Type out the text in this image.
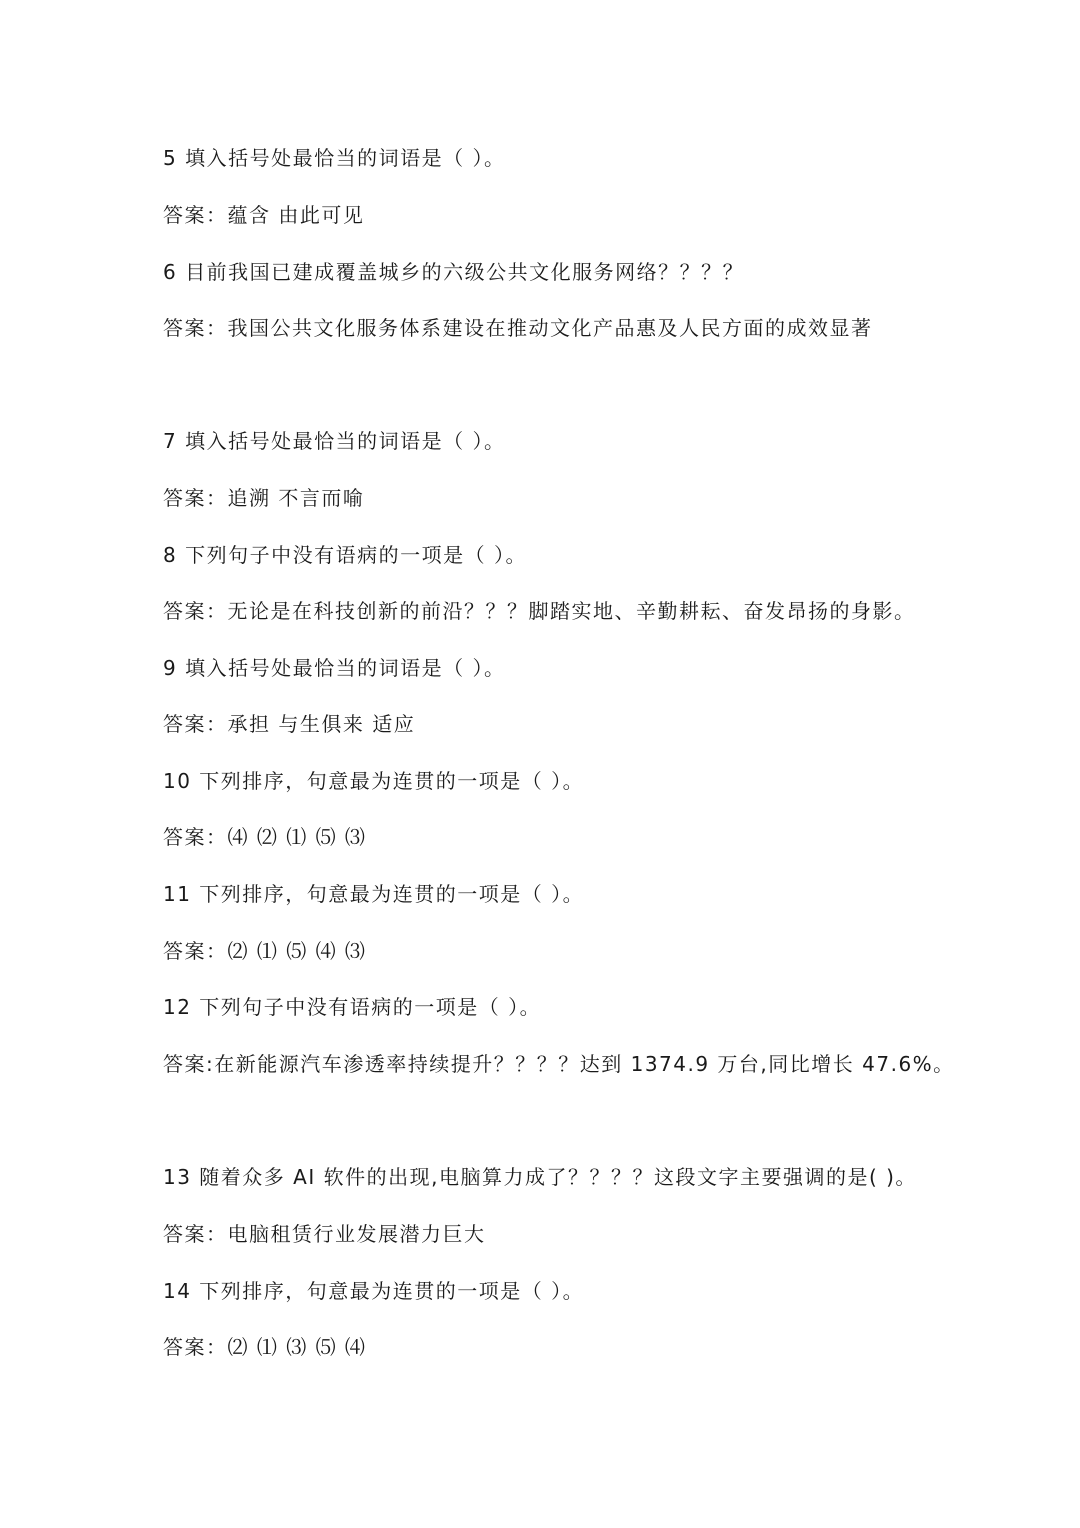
5 填入括号处最恰当的词语是（ ）。
答案：蕴含 由此可见
6 目前我国已建成覆盖城乡的六级公共文化服务网络？？？？
答案：我国公共文化服务体系建设在推动文化产品惠及人民方面的成效显著
7 填入括号处最恰当的词语是（ ）。
答案：追溯 不言而喻
8 下列句子中没有语病的一项是（ ）。
答案：无论是在科技创新的前沿？？？脚踏实地、辛勤耕耘、奋发昂扬的身影。
9 填入括号处最恰当的词语是（ ）。
答案：承担 与生俱来 适应
10 下列排序，句意最为连贯的一项是（ ）。
答案：⑷ ⑵ ⑴ ⑸ ⑶
11 下列排序，句意最为连贯的一项是（ ）。
答案：⑵ ⑴ ⑸ ⑷ ⑶
12 下列句子中没有语病的一项是（ ）。
答案:在新能源汽车渗透率持续提升？？？？达到 1374.9 万台,同比增长 47.6%。
13 随着众多 AI 软件的出现,电脑算力成了？？？？这段文字主要强调的是( )。
答案：电脑租赁行业发展潜力巨大
14 下列排序，句意最为连贯的一项是（ ）。
答案：⑵ ⑴ ⑶ ⑸ ⑷
